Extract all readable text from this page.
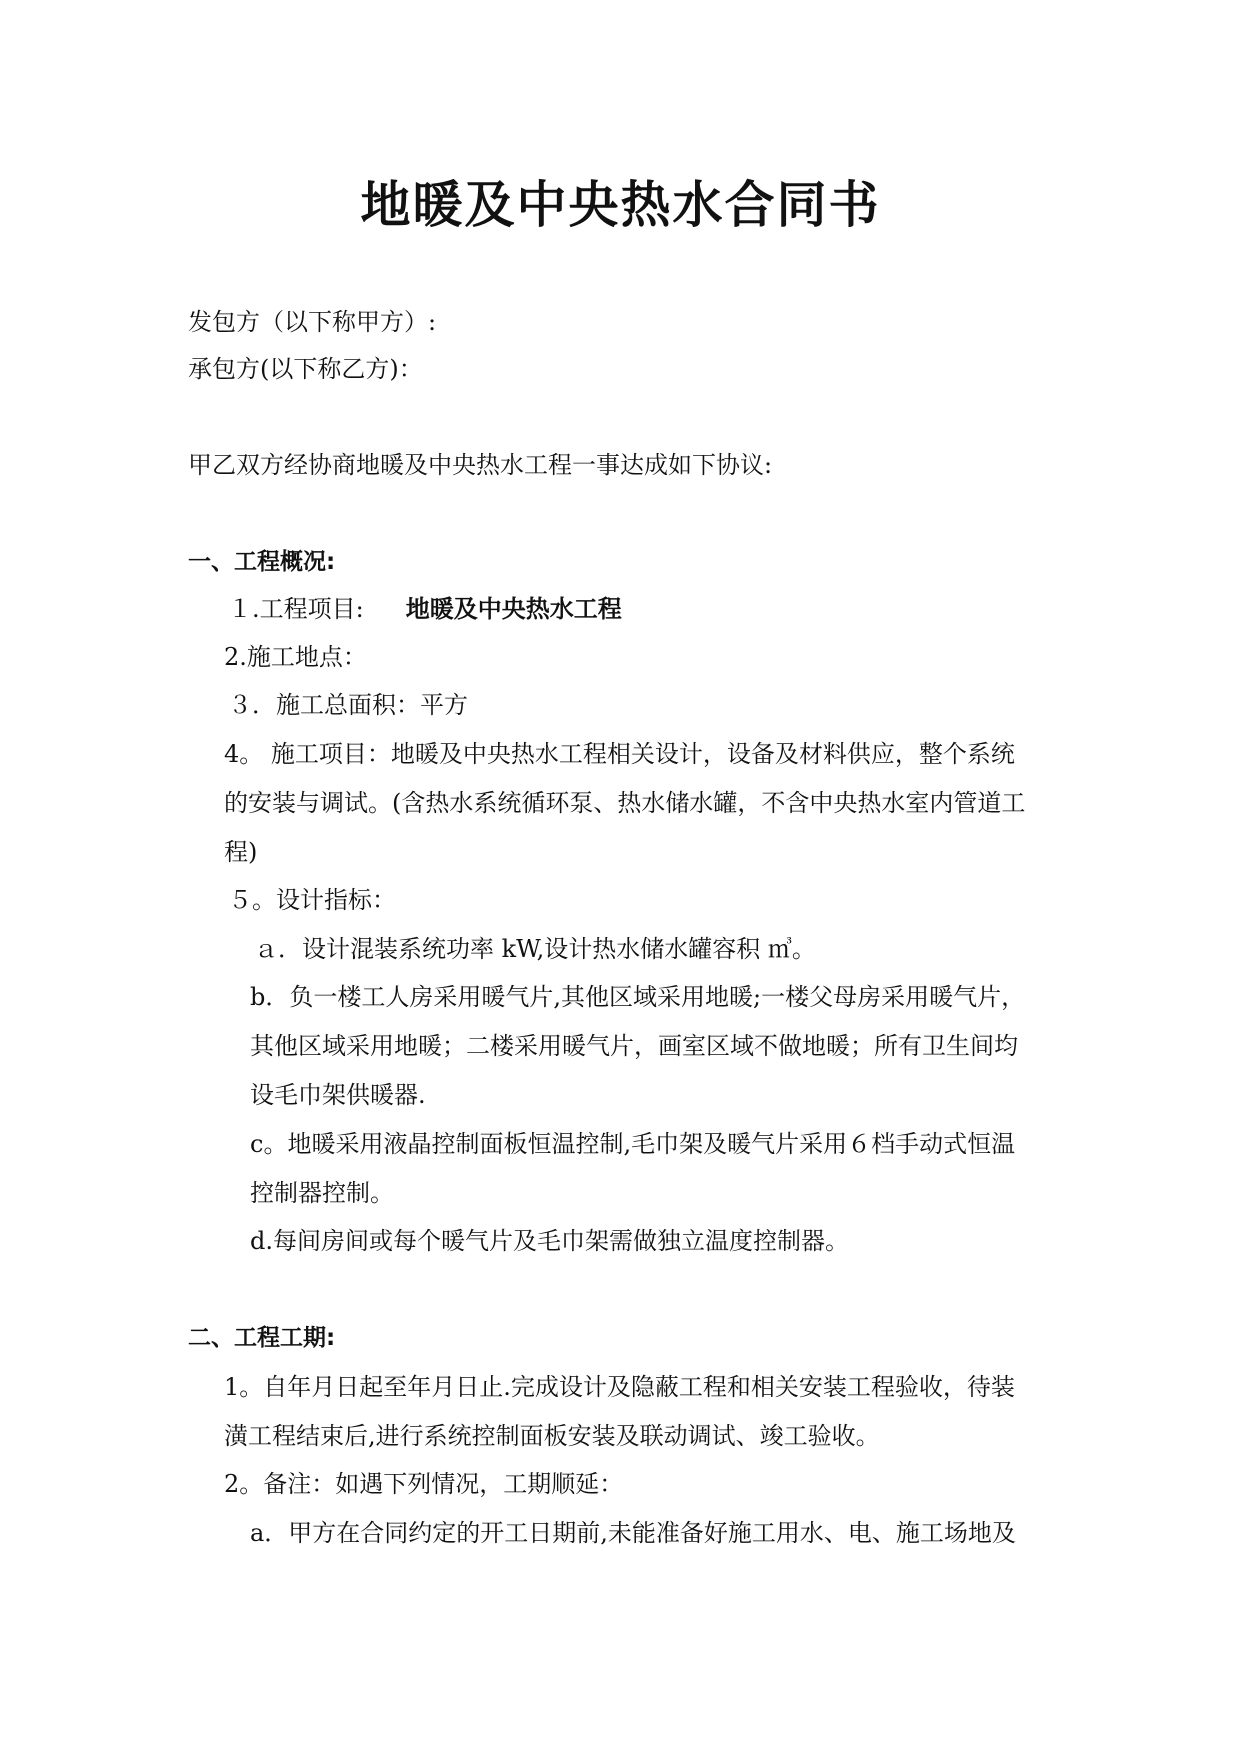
地暖及中央热水合同书
发包方（以下称甲方）:
承包方(以下称乙方)：
甲乙双方经协商地暖及中央热水工程一事达成如下协议:
一、工程概况:
１.工程项目: 地暖及中央热水工程
2.施工地点：
３．施工总面积：平方
4。 施工项目：地暖及中央热水工程相关设计，设备及材料供应，整个系统
的安装与调试。(含热水系统循环泵、热水储水罐，不含中央热水室内管道工
程)
５。设计指标：
ａ．设计混装系统功率 kW,设计热水储水罐容积 ㎥。
b．负一楼工人房采用暖气片,其他区域采用地暖;一楼父母房采用暖气片，
其他区域采用地暖；二楼采用暖气片，画室区域不做地暖；所有卫生间均
设毛巾架供暖器.
c。地暖采用液晶控制面板恒温控制,毛巾架及暖气片采用６档手动式恒温
控制器控制。
d.每间房间或每个暖气片及毛巾架需做独立温度控制器。
二、工程工期:
1。自年月日起至年月日止.完成设计及隐蔽工程和相关安装工程验收，待装
潢工程结束后,进行系统控制面板安装及联动调试、竣工验收。
2。备注：如遇下列情况，工期顺延：
a．甲方在合同约定的开工日期前,未能准备好施工用水、电、施工场地及
